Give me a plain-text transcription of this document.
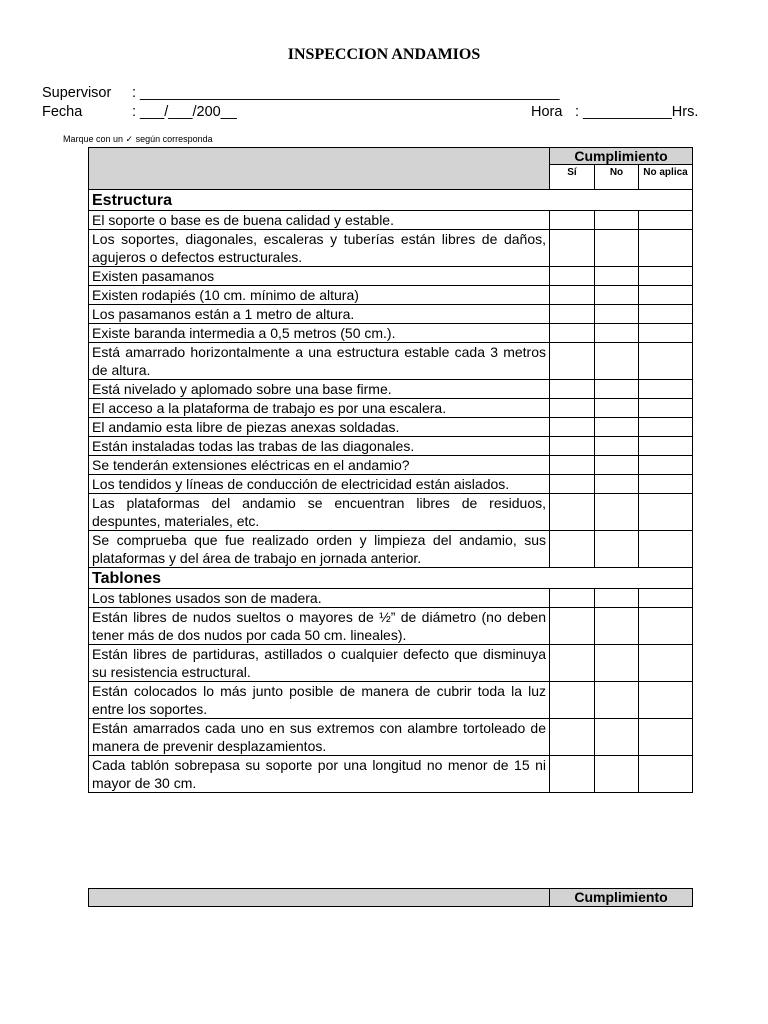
INSPECCION ANDAMIOS
Supervisor : ____________________________________________________
Fecha	: ___/___/200__	Hora : ___________Hrs.
Marque con un ✓ según corresponda
	Cumplimiento		
	Sí	No	No aplica
Estructura			
El soporte o base es de buena calidad y estable.			
Los soportes, diagonales, escaleras y tuberías están libres de daños, agujeros o defectos estructurales.			
Existen pasamanos			
Existen rodapiés (10 cm. mínimo de altura)			
Los pasamanos están a 1 metro de altura.			
Existe baranda intermedia a 0,5 metros (50 cm.).			
Está amarrado horizontalmente a una estructura estable cada 3 metros de altura.			
Está nivelado y aplomado sobre una base firme.			
El acceso a la plataforma de trabajo es por una escalera.			
El andamio esta libre de piezas anexas soldadas.			
Están instaladas todas las trabas de las diagonales.			
Se tenderán extensiones eléctricas en el andamio?			
Los tendidos y líneas de conducción de electricidad están aislados.			
Las plataformas del andamio se encuentran libres de residuos, despuntes, materiales, etc.			
Se comprueba que fue realizado orden y limpieza del andamio, sus plataformas y del área de trabajo en jornada anterior.			
Tablones			
Los tablones usados son de madera.			
Están libres de nudos sueltos o mayores de ½” de diámetro (no deben tener más de dos nudos por cada 50 cm. lineales).			
Están libres de partiduras, astillados o cualquier defecto que disminuya su resistencia estructural.			
Están colocados lo más junto posible de manera de cubrir toda la luz entre los soportes.			
Están amarrados cada uno en sus extremos con alambre tortoleado de manera de prevenir desplazamientos.			
Cada tablón sobrepasa su soporte por una longitud no menor de 15 ni mayor de 30 cm.			
	Cumplimiento
